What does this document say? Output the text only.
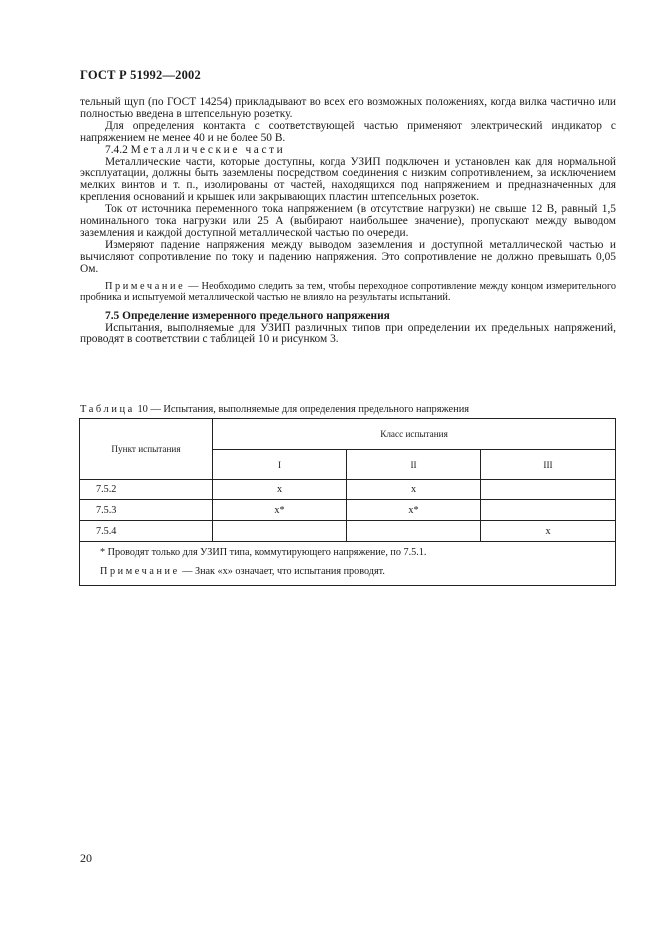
ГОСТ Р 51992—2002

тельный щуп (по ГОСТ 14254) прикладывают во всех его возможных положениях, когда вилка частично или полностью введена в штепсельную розетку.

Для определения контакта с соответствующей частью применяют электрический индикатор с напряжением не менее 40 и не более 50 В.

7.4.2 Металлические части

Металлические части, которые доступны, когда УЗИП подключен и установлен как для нормальной эксплуатации, должны быть заземлены посредством соединения с низким сопротивлением, за исключением мелких винтов и т. п., изолированы от частей, находящихся под напряжением и предназначенных для крепления оснований и крышек или закрывающих пластин штепсельных розеток.

Ток от источника переменного тока напряжением (в отсутствие нагрузки) не свыше 12 В, равный 1,5 номинального тока нагрузки или 25 А (выбирают наибольшее значение), пропускают между выводом заземления и каждой доступной металлической частью по очереди.

Измеряют падение напряжения между выводом заземления и доступной металлической частью и вычисляют сопротивление по току и падению напряжения. Это сопротивление не должно превышать 0,05 Ом.

Примечание — Необходимо следить за тем, чтобы переходное сопротивление между концом измерительного пробника и испытуемой металлической частью не влияло на результаты испытаний.

7.5 Определение измеренного предельного напряжения

Испытания, выполняемые для УЗИП различных типов при определении их предельных напряжений, проводят в соответствии с таблицей 10 и рисунком 3.

Таблица 10 — Испытания, выполняемые для определения предельного напряжения
Пункт испытания	Класс испытания		
	I	II	III
7.5.2	x	x	
7.5.3	x*	x*	
7.5.4			x

* Проводят только для УЗИП типа, коммутирующего напряжение, по 7.5.1.

Примечание — Знак «х» означает, что испытания проводят.			

20
